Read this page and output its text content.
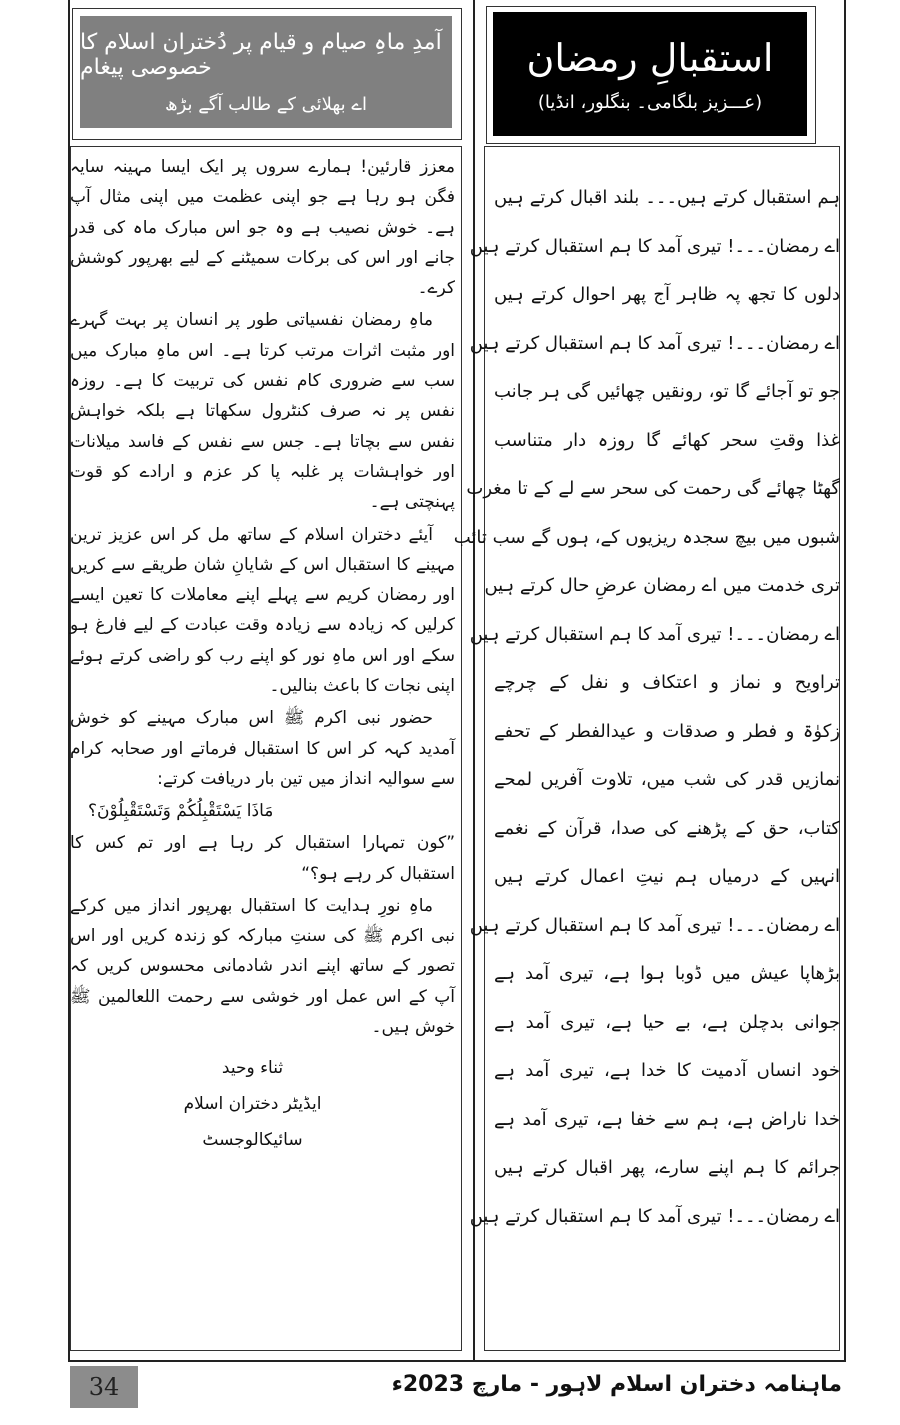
آمدِ ماہِ صیام و قیام پر دُختران اسلام کا خصوصی پیغام
اے بھلائی کے طالب آگے بڑھ
استقبالِ رمضان
(عـــزیز بلگامی۔ بنگلور، انڈیا)

معزز قارئین! ہمارے سروں پر ایک ایسا مہینہ سایہ فگن ہو رہا ہے جو اپنی عظمت میں اپنی مثال آپ ہے۔ خوش نصیب ہے وہ جو اس مبارک ماہ کی قدر جانے اور اس کی برکات سمیٹنے کے لیے بھرپور کوشش کرے۔

ماہِ رمضان نفسیاتی طور پر انسان پر بہت گہرے اور مثبت اثرات مرتب کرتا ہے۔ اس ماہِ مبارک میں سب سے ضروری کام نفس کی تربیت کا ہے۔ روزہ نفس پر نہ صرف کنٹرول سکھاتا ہے بلکہ خواہش نفس سے بچاتا ہے۔ جس سے نفس کے فاسد میلانات اور خواہشات پر غلبہ پا کر عزم و ارادے کو قوت پہنچتی ہے۔

آیئے دختران اسلام کے ساتھ مل کر اس عزیز ترین مہینے کا استقبال اس کے شایانِ شان طریقے سے کریں اور رمضان کریم سے پہلے اپنے معاملات کا تعین ایسے کرلیں کہ زیادہ سے زیادہ وقت عبادت کے لیے فارغ ہو سکے اور اس ماہِ نور کو اپنے رب کو راضی کرتے ہوئے اپنی نجات کا باعث بنالیں۔

حضور نبی اکرم ﷺ اس مبارک مہینے کو خوش آمدید کہہ کر اس کا استقبال فرماتے اور صحابہ کرام سے سوالیہ انداز میں تین بار دریافت کرتے:

مَاذَا یَسْتَقْبِلُکُمْ وَتَسْتَقْبِلُوْنَ؟

”کون تمہارا استقبال کر رہا ہے اور تم کس کا استقبال کر رہے ہو؟“

ماہِ نورِ ہدایت کا استقبال بھرپور انداز میں کرکے نبی اکرم ﷺ کی سنتِ مبارکہ کو زندہ کریں اور اس تصور کے ساتھ اپنے اندر شادمانی محسوس کریں کہ آپ کے اس عمل اور خوشی سے رحمت اللعالمین ﷺ خوش ہیں۔

ثناء وحید
ایڈیٹر دختران اسلام
سائیکالوجسٹ
ہم استقبال کرتے ہیں۔۔۔ بلند اقبال کرتے ہیں
اے رمضان۔۔۔! تیری آمد کا ہم استقبال کرتے ہیں
دلوں کا تجھ پہ ظاہر آج پھر احوال کرتے ہیں
اے رمضان۔۔۔! تیری آمد کا ہم استقبال کرتے ہیں
جو تو آجائے گا تو، رونقیں چھائیں گی ہر جانب
غذا وقتِ سحر کھائے گا روزہ دار متناسب
گھٹا چھائے گی رحمت کی سحر سے لے کے تا مغرب
شبوں میں بیچ سجدہ ریزیوں کے، ہوں گے سب تائب
تری خدمت میں اے رمضان عرضِ حال کرتے ہیں
اے رمضان۔۔۔! تیری آمد کا ہم استقبال کرتے ہیں
تراویح و نماز و اعتکاف و نفل کے چرچے
زکوٰۃ و فطر و صدقات و عیدالفطر کے تحفے
نمازیں قدر کی شب میں، تلاوت آفریں لمحے
کتاب، حق کے پڑھنے کی صدا، قرآن کے نغمے
انہیں کے درمیاں ہم نیتِ اعمال کرتے ہیں
اے رمضان۔۔۔! تیری آمد کا ہم استقبال کرتے ہیں
بڑھاپا عیش میں ڈوبا ہوا ہے، تیری آمد ہے
جوانی بدچلن ہے، بے حیا ہے، تیری آمد ہے
خود انساں آدمیت کا خدا ہے، تیری آمد ہے
خدا ناراض ہے، ہم سے خفا ہے، تیری آمد ہے
جرائم کا ہم اپنے سارے، پھر اقبال کرتے ہیں
اے رمضان۔۔۔! تیری آمد کا ہم استقبال کرتے ہیں
34	ماہنامہ دختران اسلام لاہور - مارچ 2023ء
